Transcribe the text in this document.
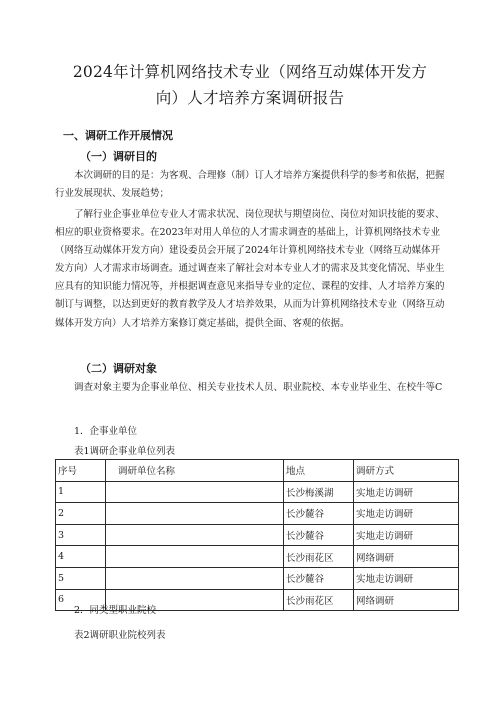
2024年计算机网络技术专业（网络互动媒体开发方
向）人才培养方案调研报告
一、调研工作开展情况
（一）调研目的

本次调研的目的是：为客观、合理修（制）订人才培养方案提供科学的参考和依据，把握行业发展现状、发展趋势；

了解行业企事业单位专业人才需求状况、岗位现状与期望岗位、岗位对知识技能的要求、相应的职业资格要求。在2023年对用人单位的人才需求调查的基础上，计算机网络技术专业（网络互动媒体开发方向）建设委员会开展了2024年计算机网络技术专业（网络互动媒体开发方向）人才需求市场调查。通过调查来了解社会对本专业人才的需求及其变化情况、毕业生应具有的知识能力情况等，并根据调查意见来指导专业的定位、课程的安排、人才培养方案的制订与调整，以达到更好的教育教学及人才培养效果，从而为计算机网络技术专业（网络互动媒体开发方向）人才培养方案修订奠定基础，提供全面、客观的依据。

（二）调研对象

调查对象主要为企事业单位、相关专业技术人员、职业院校、本专业毕业生、在校牛等C

1．企事业单位
表1调研企事业单位列表
序号	调研单位名称	地点	调研方式
1		长沙梅溪湖	实地走访调研
2		长沙麓谷	实地走访调研
3		长沙麓谷	实地走访调研
4		长沙雨花区	网络调研
5		长沙麓谷	实地走访调研
6		长沙雨花区	网络调研
2．同类型职业院校
表2调研职业院校列表
